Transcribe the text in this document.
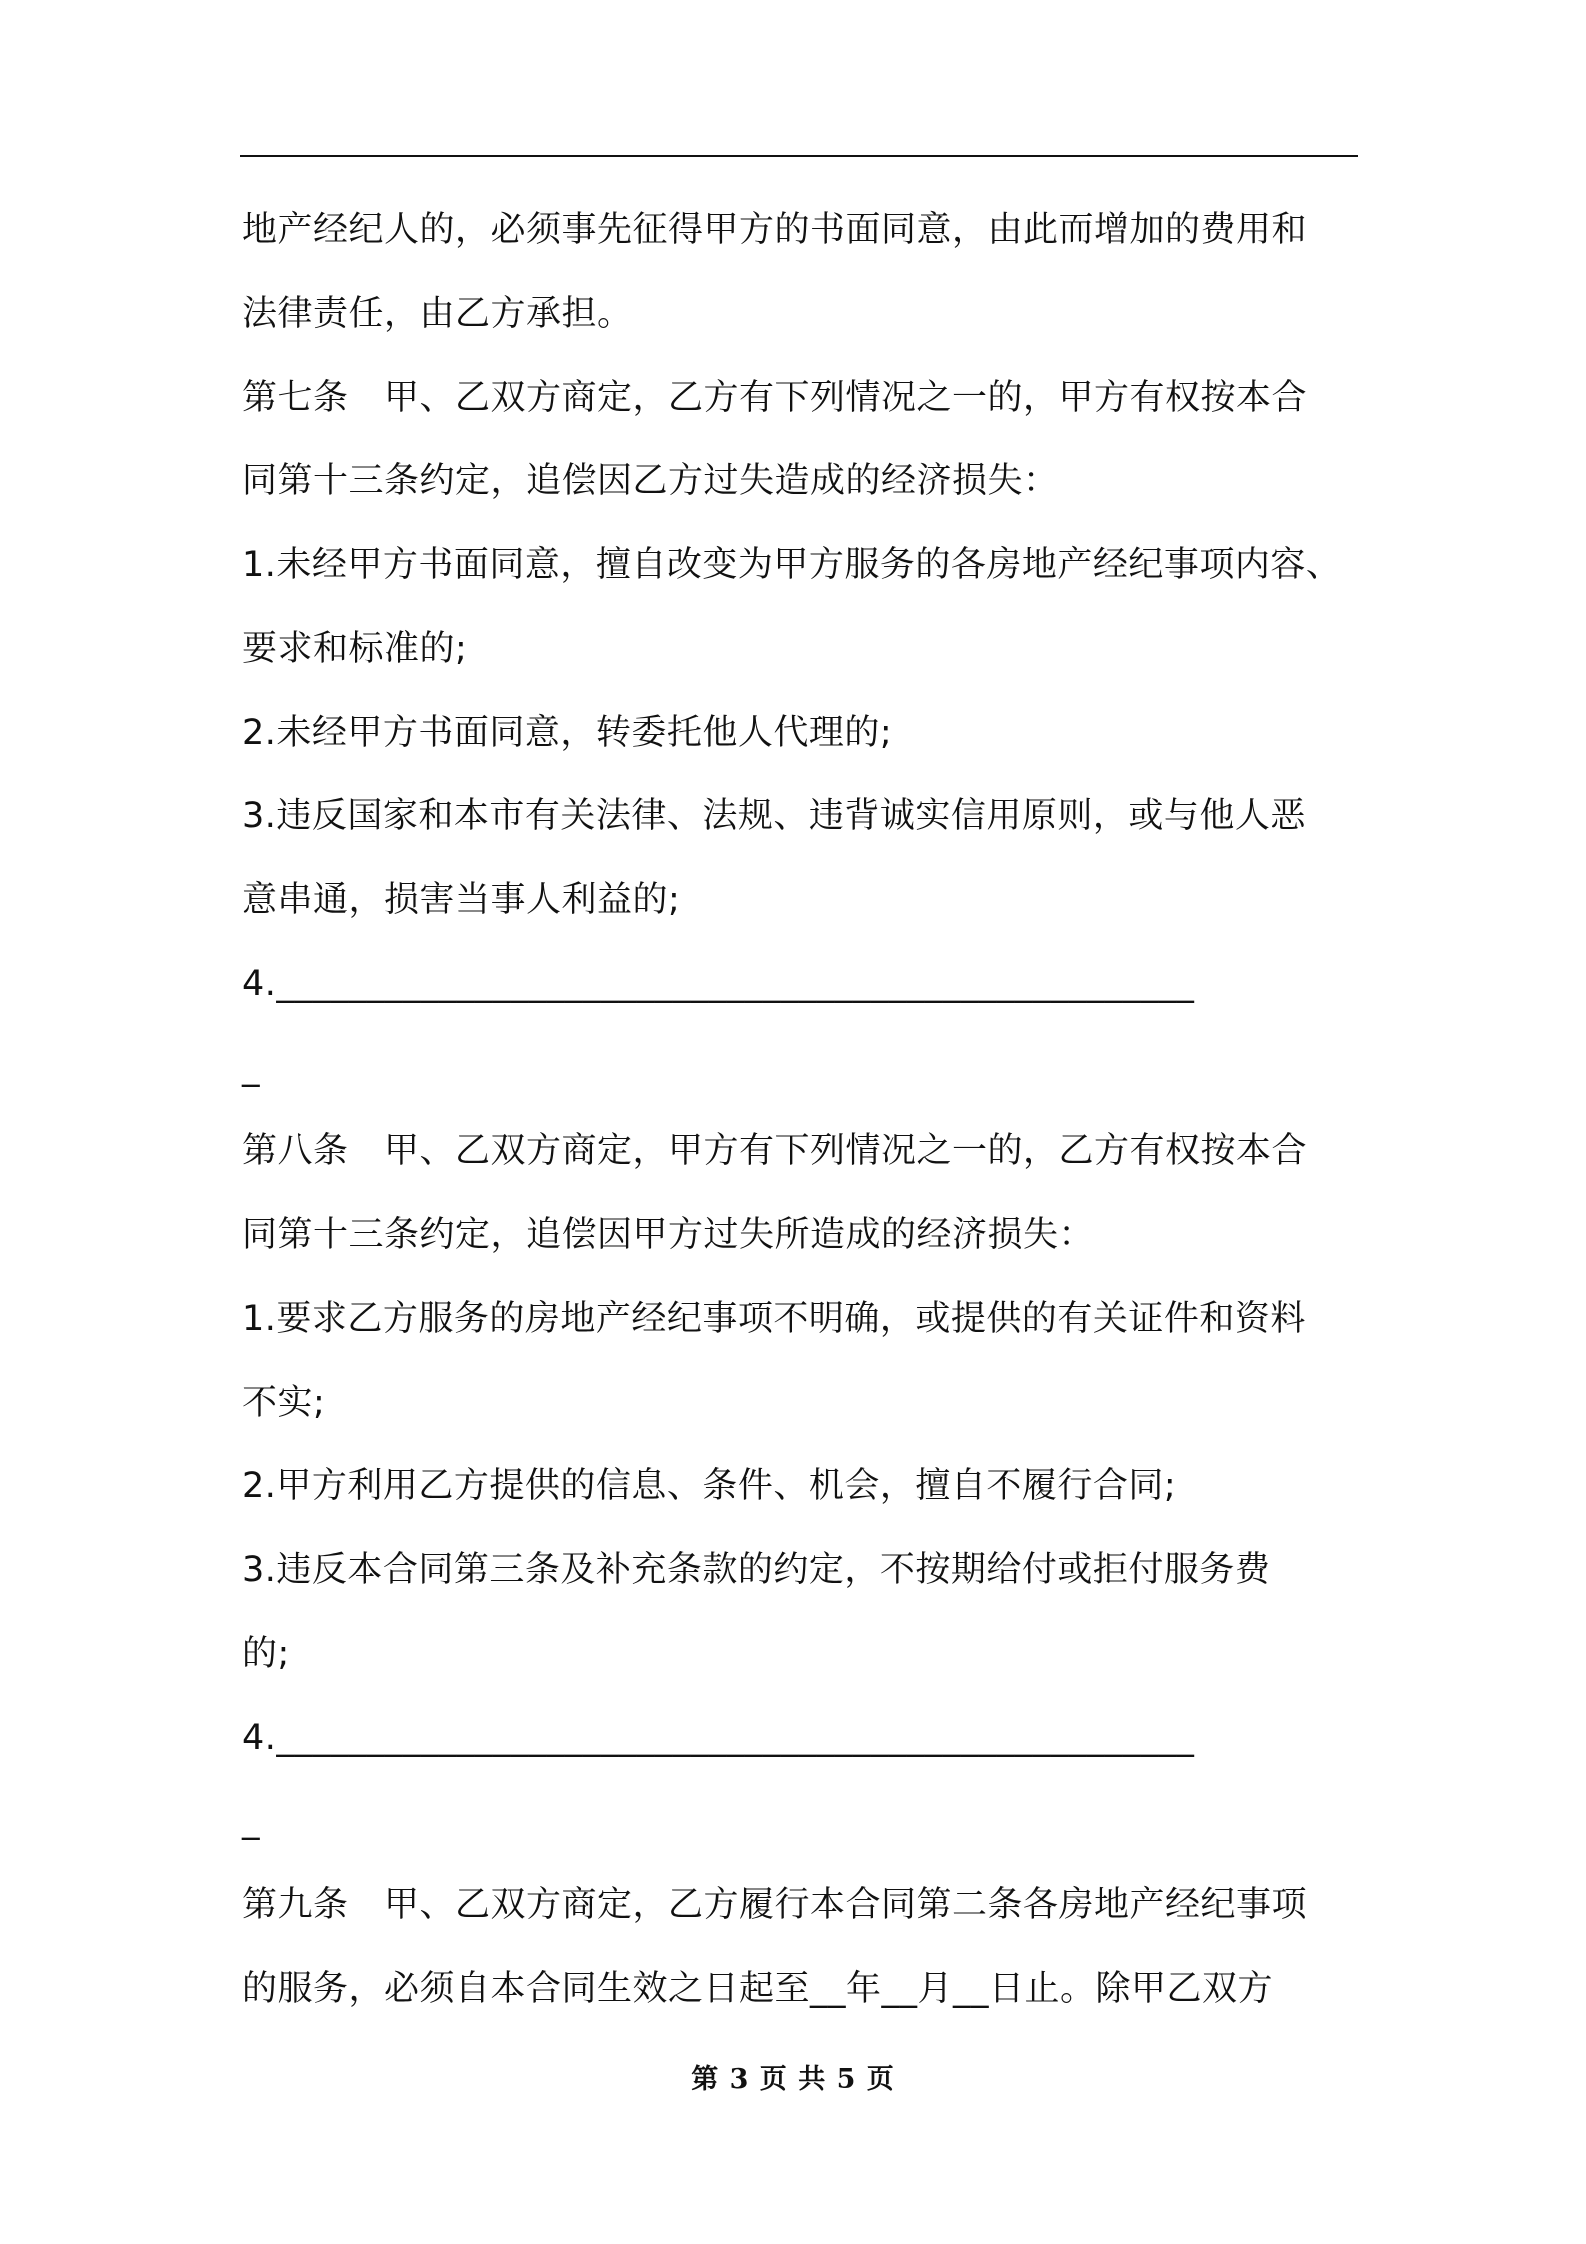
地产经纪人的，必须事先征得甲方的书面同意，由此而增加的费用和
法律责任，由乙方承担。
第七条　甲、乙双方商定，乙方有下列情况之一的，甲方有权按本合
同第十三条约定，追偿因乙方过失造成的经济损失：
1.未经甲方书面同意，擅自改变为甲方服务的各房地产经纪事项内容、
要求和标准的;
2.未经甲方书面同意，转委托他人代理的;
3.违反国家和本市有关法律、法规、违背诚实信用原则，或与他人恶
意串通，损害当事人利益的;
4.___________________________________________________
_
第八条　甲、乙双方商定，甲方有下列情况之一的，乙方有权按本合
同第十三条约定，追偿因甲方过失所造成的经济损失：
1.要求乙方服务的房地产经纪事项不明确，或提供的有关证件和资料
不实;
2.甲方利用乙方提供的信息、条件、机会，擅自不履行合同;
3.违反本合同第三条及补充条款的约定，不按期给付或拒付服务费
的;
4.___________________________________________________
_
第九条　甲、乙双方商定，乙方履行本合同第二条各房地产经纪事项
的服务，必须自本合同生效之日起至__年__月__日止。除甲乙双方
第 3 页 共 5 页
